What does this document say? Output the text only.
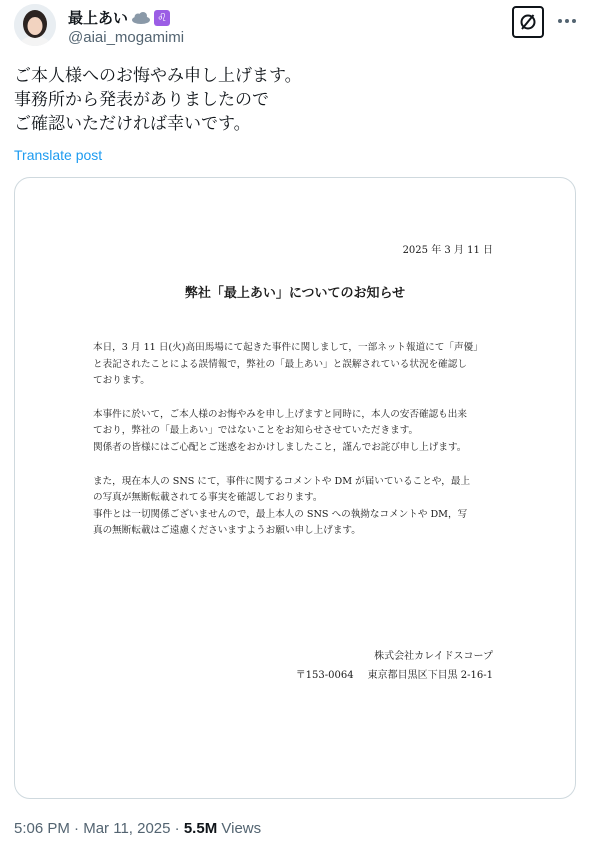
最上あい	♌
@aiai_mogamimi
ご本人様へのお悔やみ申し上げます。
事務所から発表がありましたので
ご確認いただければ幸いです。
Translate post
2025 年 3 月 11 日
弊社「最上あい」についてのお知らせ

本日，3 月 11 日(火)高田馬場にて起きた事件に関しまして，一部ネット報道にて「声優」
と表記されたことによる誤情報で，弊社の「最上あい」と誤解されている状況を確認し
ております。

本事件に於いて，ご本人様のお悔やみを申し上げますと同時に，本人の安否確認も出来
ており，弊社の「最上あい」ではないことをお知らせさせていただきます。
関係者の皆様にはご心配とご迷惑をおかけしましたこと，謹んでお詫び申し上げます。

また，現在本人の SNS にて，事件に関するコメントや DM が届いていることや，最上
の写真が無断転載されてる事実を確認しております。
事件とは一切関係ございませんので，最上本人の SNS への執拗なコメントや DM，写
真の無断転載はご遠慮くださいますようお願い申し上げます。

株式会社カレイドスコープ
〒153-0064 東京都目黒区下目黒 2-16-1
5:06 PM · Mar 11, 2025 · 5.5M Views
